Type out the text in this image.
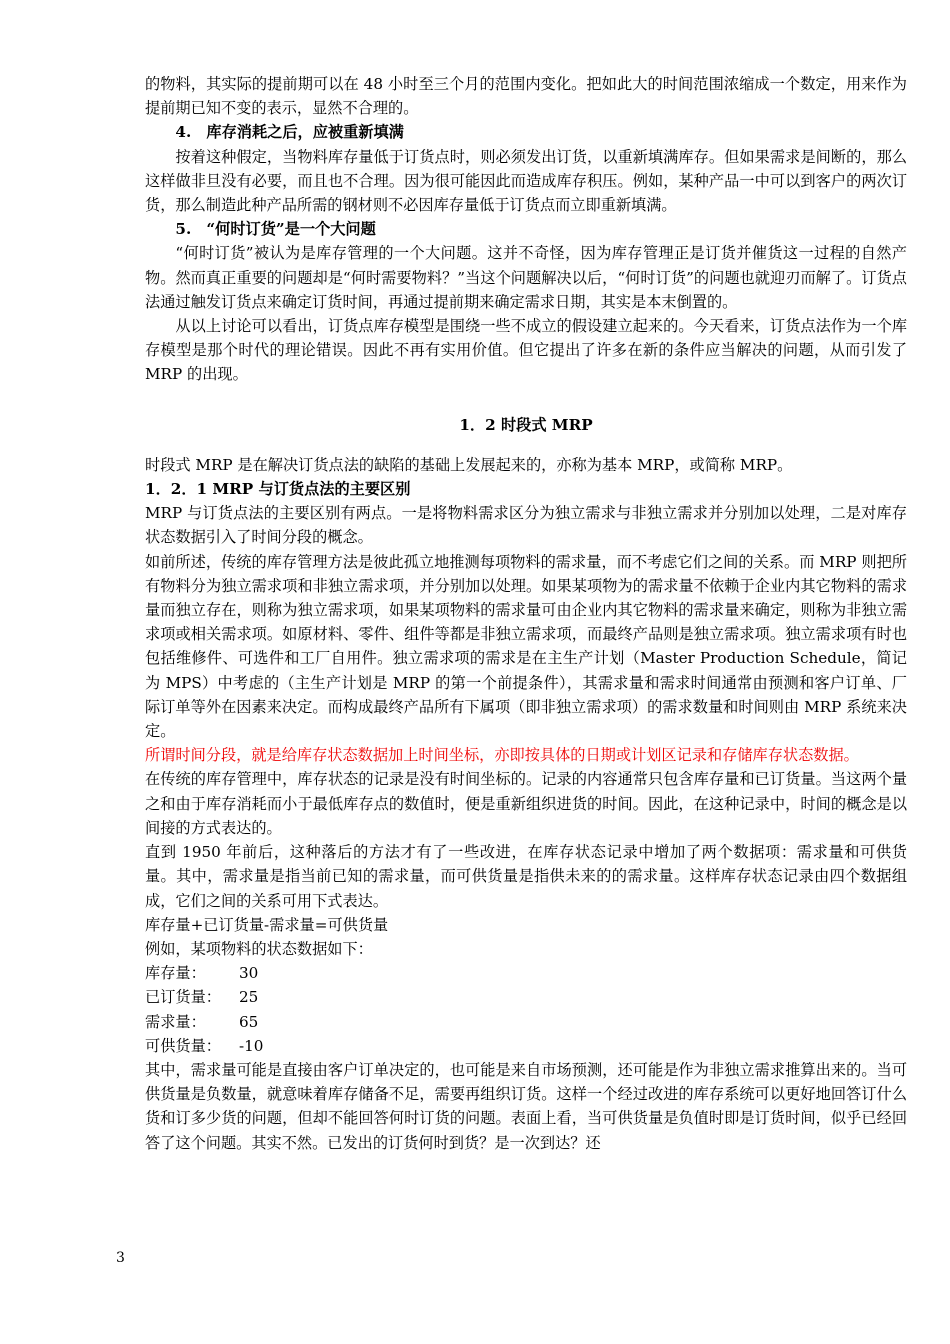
的物料，其实际的提前期可以在 48 小时至三个月的范围内变化。把如此大的时间范围浓缩成一个数定，用来作为提前期已知不变的表示，显然不合理的。

4.　库存消耗之后，应被重新填满

按着这种假定，当物料库存量低于订货点时，则必须发出订货，以重新填满库存。但如果需求是间断的，那么这样做非旦没有必要，而且也不合理。因为很可能因此而造成库存积压。例如，某种产品一中可以到客户的两次订货，那么制造此种产品所需的钢材则不必因库存量低于订货点而立即重新填满。

5.　“何时订货”是一个大问题

“何时订货”被认为是库存管理的一个大问题。这并不奇怪，因为库存管理正是订货并催货这一过程的自然产物。然而真正重要的问题却是“何时需要物料？”当这个问题解决以后，“何时订货”的问题也就迎刃而解了。订货点法通过触发订货点来确定订货时间，再通过提前期来确定需求日期，其实是本末倒置的。

从以上讨论可以看出，订货点库存模型是围绕一些不成立的假设建立起来的。今天看来，订货点法作为一个库存模型是那个时代的理论错误。因此不再有实用价值。但它提出了许多在新的条件应当解决的问题，从而引发了 MRP 的出现。

1．2 时段式 MRP

时段式 MRP 是在解决订货点法的缺陷的基础上发展起来的，亦称为基本 MRP，或简称 MRP。

1．2．1 MRP 与订货点法的主要区别

MRP 与订货点法的主要区别有两点。一是将物料需求区分为独立需求与非独立需求并分别加以处理，二是对库存状态数据引入了时间分段的概念。

如前所述，传统的库存管理方法是彼此孤立地推测每项物料的需求量，而不考虑它们之间的关系。而 MRP 则把所有物料分为独立需求项和非独立需求项，并分别加以处理。如果某项物为的需求量不依赖于企业内其它物料的需求量而独立存在，则称为独立需求项，如果某项物料的需求量可由企业内其它物料的需求量来确定，则称为非独立需求项或相关需求项。如原材料、零件、组件等都是非独立需求项，而最终产品则是独立需求项。独立需求项有时也包括维修件、可选件和工厂自用件。独立需求项的需求是在主生产计划（Master Production Schedule，简记为 MPS）中考虑的（主生产计划是 MRP 的第一个前提条件），其需求量和需求时间通常由预测和客户订单、厂际订单等外在因素来决定。而构成最终产品所有下属项（即非独立需求项）的需求数量和时间则由 MRP 系统来决定。

所谓时间分段，就是给库存状态数据加上时间坐标，亦即按具体的日期或计划区记录和存储库存状态数据。

在传统的库存管理中，库存状态的记录是没有时间坐标的。记录的内容通常只包含库存量和已订货量。当这两个量之和由于库存消耗而小于最低库存点的数值时，便是重新组织进货的时间。因此，在这种记录中，时间的概念是以间接的方式表达的。

直到 1950 年前后，这种落后的方法才有了一些改进，在库存状态记录中增加了两个数据项：需求量和可供货量。其中，需求量是指当前已知的需求量，而可供货量是指供未来的的需求量。这样库存状态记录由四个数据组成，它们之间的关系可用下式表达。

库存量+已订货量-需求量=可供货量

例如，某项物料的状态数据如下：

库存量：	30

已订货量：	25

需求量：	65

可供货量：	-10

其中，需求量可能是直接由客户订单决定的，也可能是来自市场预测，还可能是作为非独立需求推算出来的。当可供货量是负数量，就意味着库存储备不足，需要再组织订货。这样一个经过改进的库存系统可以更好地回答订什么货和订多少货的问题，但却不能回答何时订货的问题。表面上看，当可供货量是负值时即是订货时间，似乎已经回答了这个问题。其实不然。已发出的订货何时到货？是一次到达？还

3
